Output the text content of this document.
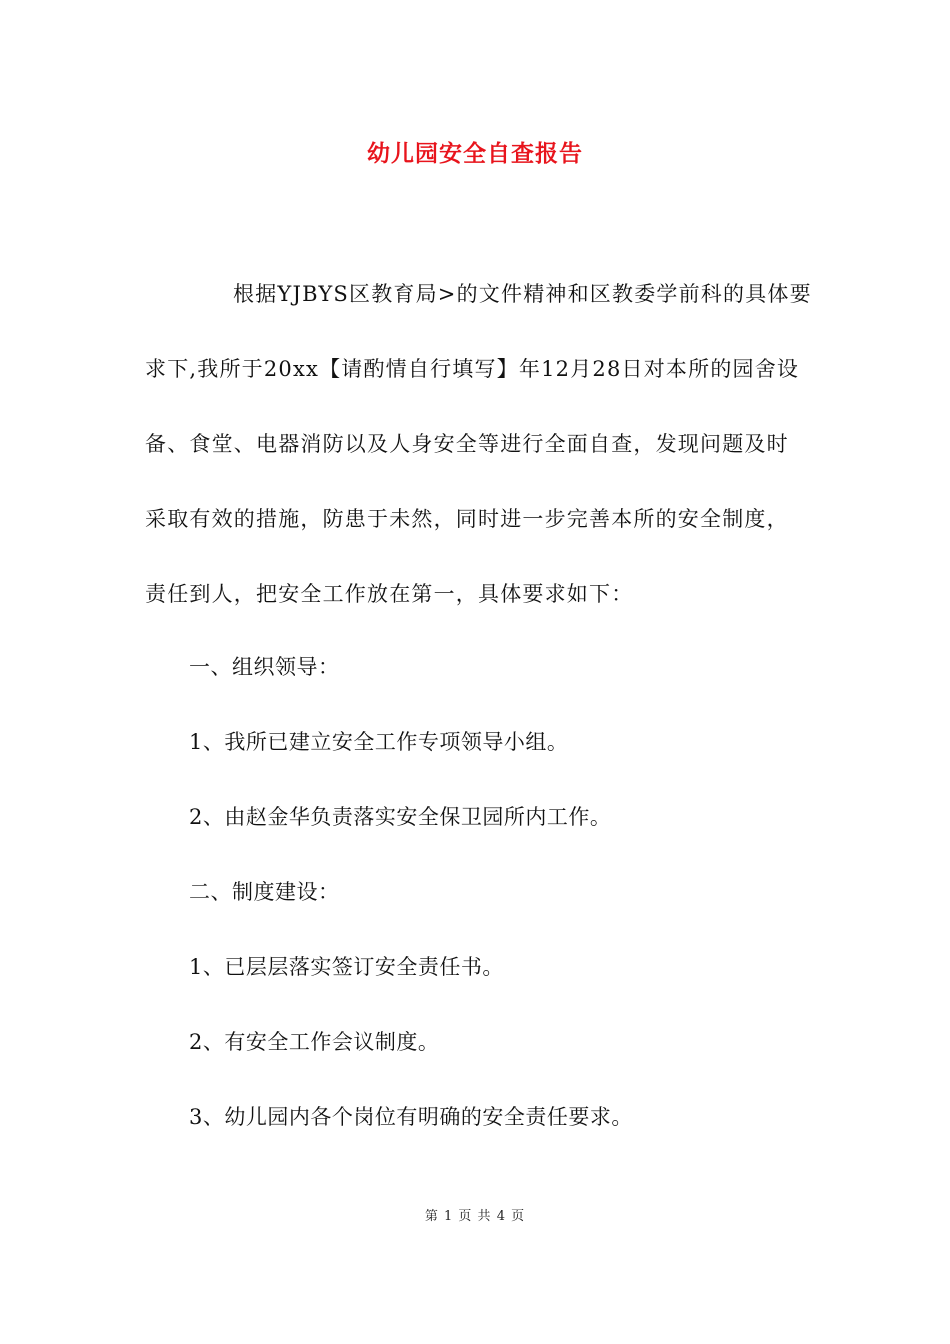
幼儿园安全自查报告
根据YJBYS区教育局>的文件精神和区教委学前科的具体要
求下,我所于20xx【请酌情自行填写】年12月28日对本所的园舍设
备、食堂、电器消防以及人身安全等进行全面自查，发现问题及时
采取有效的措施，防患于未然，同时进一步完善本所的安全制度，
责任到人，把安全工作放在第一，具体要求如下：
一、组织领导：
1、我所已建立安全工作专项领导小组。
2、由赵金华负责落实安全保卫园所内工作。
二、制度建设：
1、已层层落实签订安全责任书。
2、有安全工作会议制度。
3、幼儿园内各个岗位有明确的安全责任要求。
第 1 页 共 4 页
